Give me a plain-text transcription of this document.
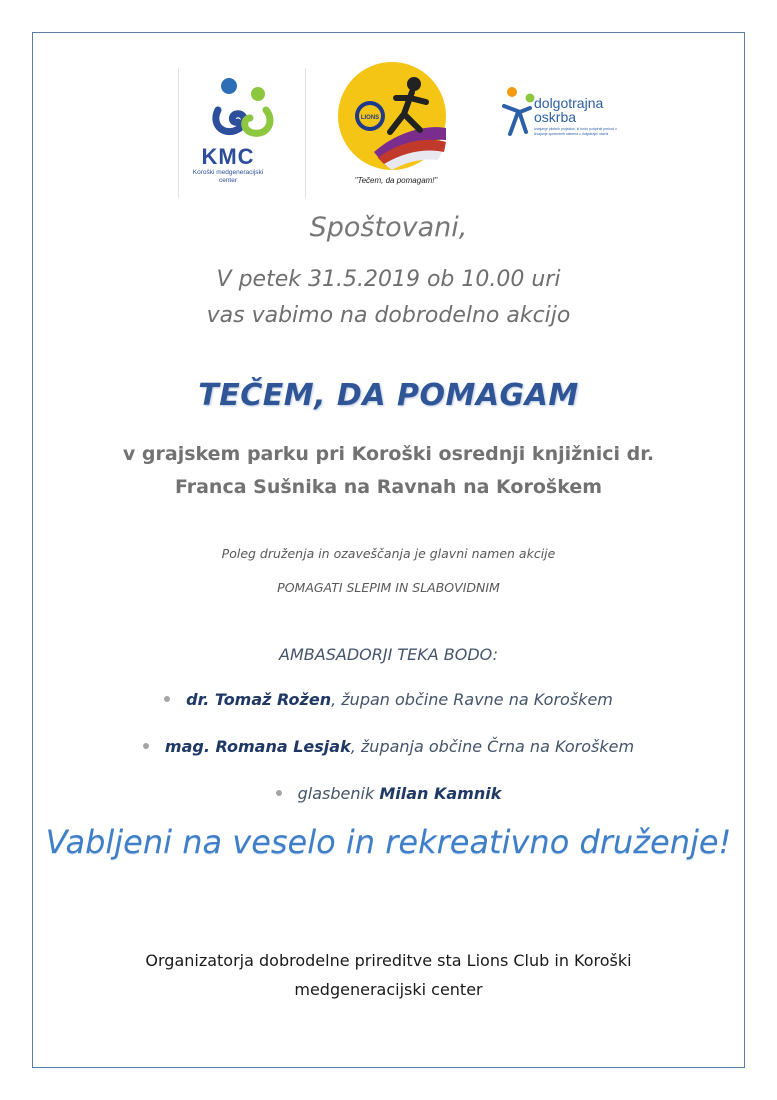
KMC
Koroški medgeneracijski
center
LIONS
"Tečem, da pomagam!"
dolgotrajna
oskrba
Izvajanje pilotnih projektov, ki bodo podpirali prehod v izvajanje sprememb sistema v dolgotrajni oskrbi
Spoštovani,
V petek 31.5.2019 ob 10.00 uri
vas vabimo na dobrodelno akcijo
TEČEM, DA POMAGAM
v grajskem parku pri Koroški osrednji knjižnici dr.
Franca Sušnika na Ravnah na Koroškem
Poleg druženja in ozaveščanja je glavni namen akcije
POMAGATI SLEPIM IN SLABOVIDNIM
AMBASADORJI TEKA BODO:
dr. Tomaž Rožen, župan občine Ravne na Koroškem
mag. Romana Lesjak, županja občine Črna na Koroškem
glasbenik Milan Kamnik
Vabljeni na veselo in rekreativno druženje!
Organizatorja dobrodelne prireditve sta Lions Club in Koroški
medgeneracijski center
